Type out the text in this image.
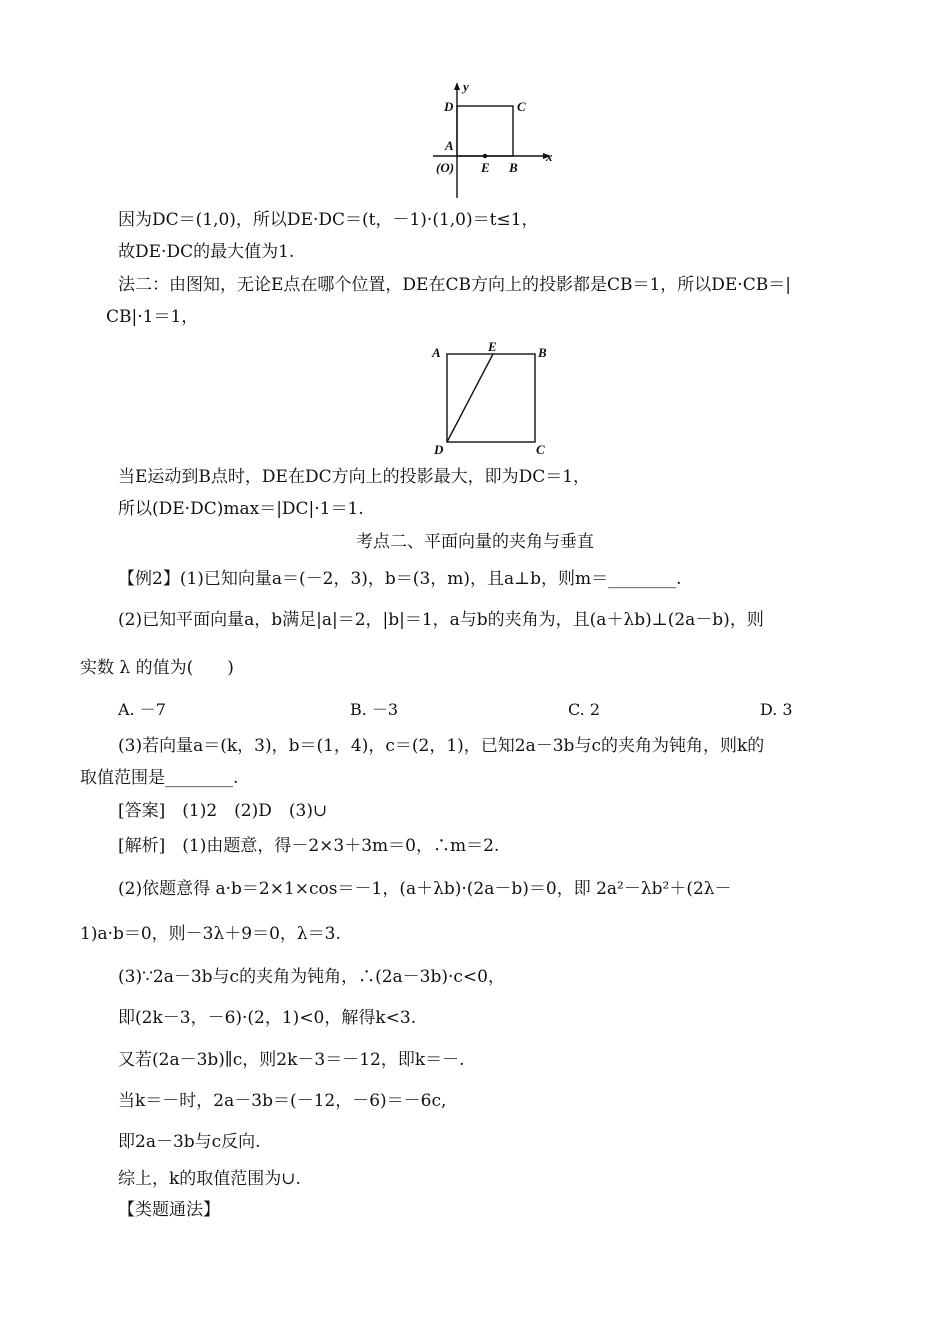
y
D	C
A
(O) E B
x
因为DC＝(1,0)，所以DE·DC＝(t，－1)·(1,0)＝t≤1，
故DE·DC的最大值为1.
法二：由图知，无论E点在哪个位置，DE在CB方向上的投影都是CB＝1，所以DE·CB＝|
CB|·1＝1，
A	E	B
D	C
当E运动到B点时，DE在DC方向上的投影最大，即为DC＝1，
所以(DE·DC)max＝|DC|·1＝1.
考点二、平面向量的夹角与垂直
【例2】(1)已知向量a＝(－2，3)，b＝(3，m)，且a⊥b，则m＝________.
(2)已知平面向量a，b满足|a|＝2，|b|＝1，a与b的夹角为，且(a＋λb)⊥(2a－b)，则
实数 λ 的值为(　　)
A. －7	B. －3	C. 2	D. 3
(3)若向量a＝(k，3)，b＝(1，4)，c＝(2，1)，已知2a－3b与c的夹角为钝角，则k的
取值范围是________.
[答案]　(1)2　(2)D　(3)∪
[解析]　(1)由题意，得－2×3＋3m＝0，∴m＝2.
(2)依题意得 a·b＝2×1×cos＝－1，(a＋λb)·(2a－b)＝0，即 2a²－λb²＋(2λ－
1)a·b＝0，则－3λ＋9＝0，λ＝3.
(3)∵2a－3b与c的夹角为钝角，∴(2a－3b)·c<0，
即(2k－3，－6)·(2，1)<0，解得k<3.
又若(2a－3b)∥c，则2k－3＝－12，即k＝－.
当k＝－时，2a－3b＝(－12，－6)＝－6c,
即2a－3b与c反向.
综上，k的取值范围为∪.
【类题通法】
